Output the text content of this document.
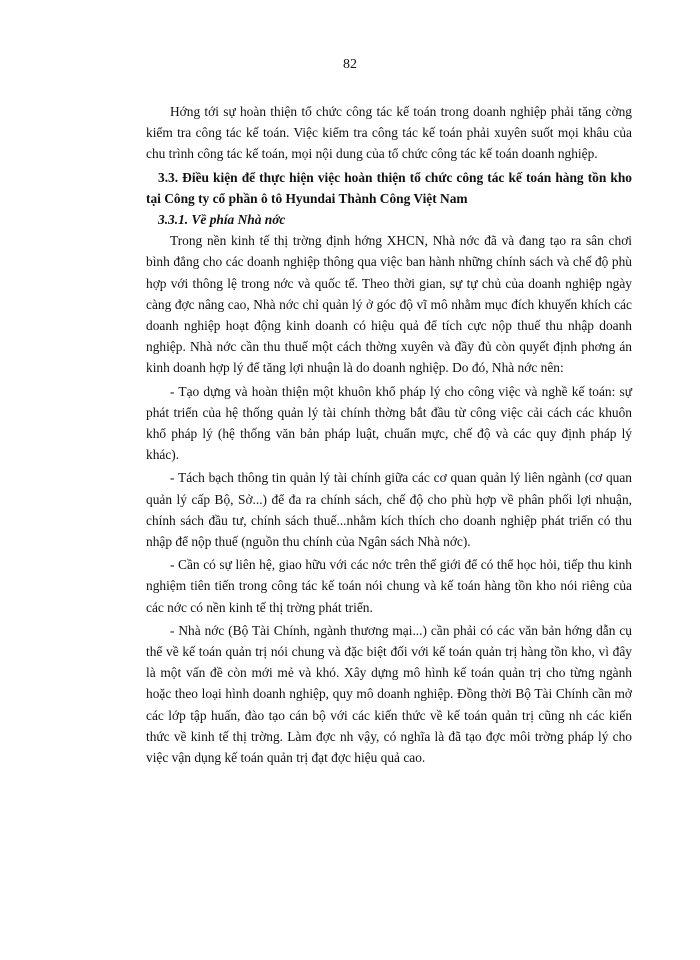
82

Hớng tới sự hoàn thiện tổ chức công tác kế toán trong doanh nghiệp phải tăng cờng kiểm tra công tác kế toán. Việc kiểm tra công tác kế toán phải xuyên suốt mọi khâu của chu trình công tác kế toán, mọi nội dung của tổ chức công tác kế toán doanh nghiệp.

3.3. Điều kiện để thực hiện việc hoàn thiện tổ chức công tác kế toán hàng tồn kho tại Công ty cổ phần ô tô Hyundai Thành Công Việt Nam

3.3.1. Về phía Nhà nớc

Trong nền kinh tế thị trờng định hớng XHCN, Nhà nớc đã và đang tạo ra sân chơi bình đẳng cho các doanh nghiệp thông qua việc ban hành những chính sách và chế độ phù hợp với thông lệ trong nớc và quốc tế. Theo thời gian, sự tự chủ của doanh nghiệp ngày càng đợc nâng cao, Nhà nớc chỉ quản lý ở góc độ vĩ mô nhằm mục đích khuyến khích các doanh nghiệp hoạt động kinh doanh có hiệu quả để tích cực nộp thuế thu nhập doanh nghiệp. Nhà nớc cần thu thuế một cách thờng xuyên và đầy đủ còn quyết định phơng án kinh doanh hợp lý để tăng lợi nhuận là do doanh nghiệp. Do đó, Nhà nớc nên:

- Tạo dựng và hoàn thiện một khuôn khổ pháp lý cho công việc và nghề kế toán: sự phát triển của hệ thống quản lý tài chính thờng bắt đầu từ công việc cải cách các khuôn khổ pháp lý (hệ thống văn bản pháp luật, chuẩn mực, chế độ và các quy định pháp lý khác).

- Tách bạch thông tin quản lý tài chính giữa các cơ quan quản lý liên ngành (cơ quan quản lý cấp Bộ, Sở...) để đa ra chính sách, chế độ cho phù hợp về phân phối lợi nhuận, chính sách đầu tư, chính sách thuế...nhằm kích thích cho doanh nghiệp phát triển có thu nhập để nộp thuế (nguồn thu chính của Ngân sách Nhà nớc).

- Cần có sự liên hệ, giao hữu với các nớc trên thế giới để có thể học hỏi, tiếp thu kinh nghiệm tiên tiến trong công tác kế toán nói chung và kế toán hàng tồn kho nói riêng của các nớc có nền kinh tế thị trờng phát triển.

- Nhà nớc (Bộ Tài Chính, ngành thương mại...) cần phải có các văn bản hớng dẫn cụ thể về kế toán quản trị nói chung và đặc biệt đối với kế toán quản trị hàng tồn kho, vì đây là một vấn đề còn mới mẻ và khó. Xây dựng mô hình kế toán quản trị cho từng ngành hoặc theo loại hình doanh nghiệp, quy mô doanh nghiệp. Đồng thời Bộ Tài Chính cần mở các lớp tập huấn, đào tạo cán bộ với các kiến thức về kế toán quản trị cũng nh các kiến thức về kinh tế thị trờng. Làm đợc nh vậy, có nghĩa là đã tạo đợc môi trờng pháp lý cho việc vận dụng kế toán quản trị đạt đợc hiệu quả cao.
